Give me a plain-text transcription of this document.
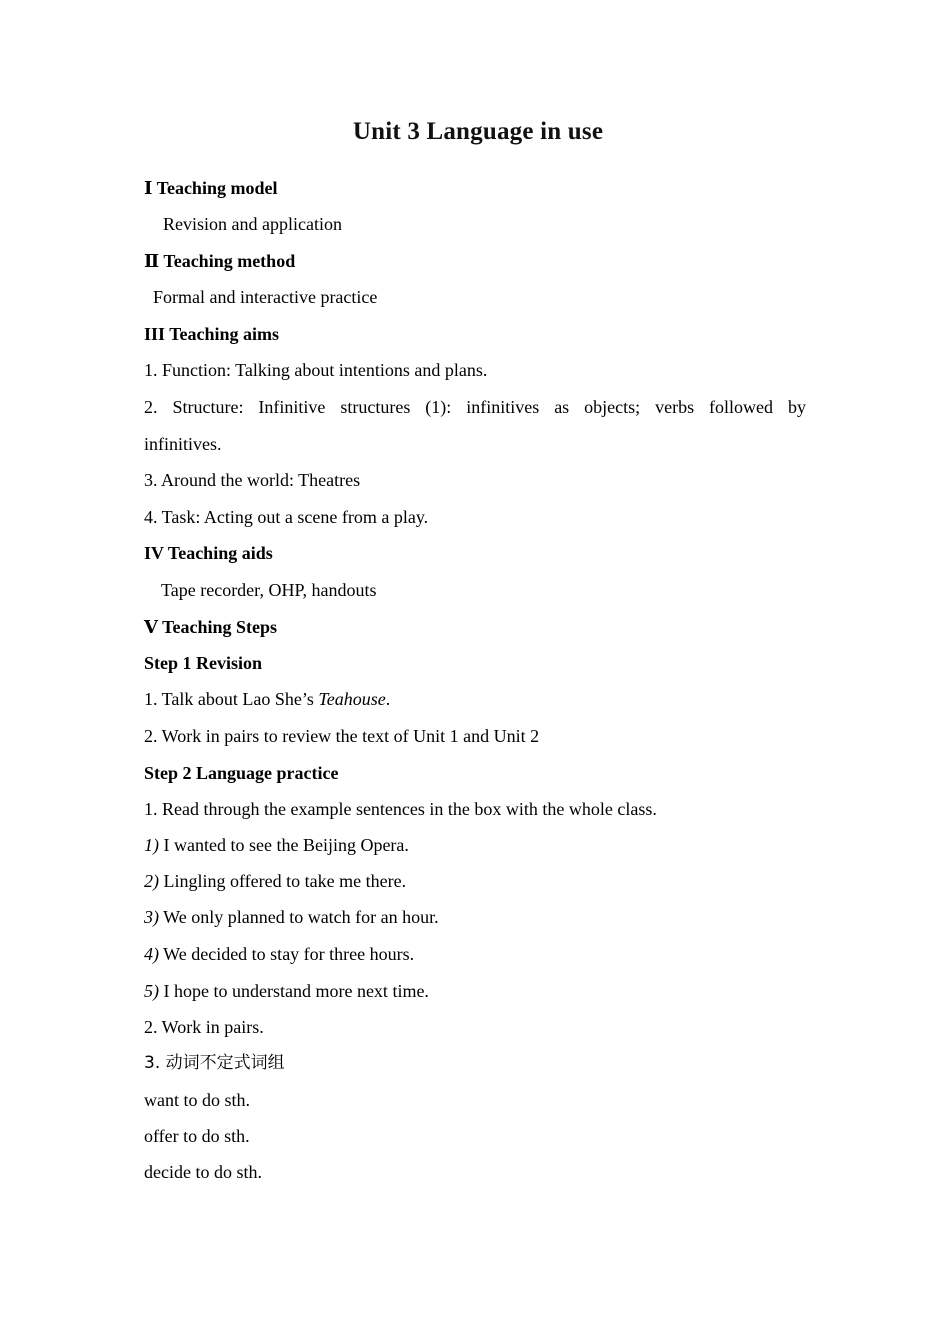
Unit 3 Language in use
Ⅰ Teaching model
Revision and application
Ⅱ Teaching method
Formal and interactive practice
III Teaching aims
1. Function: Talking about intentions and plans.
2. Structure: Infinitive structures (1): infinitives as objects; verbs followed by
infinitives.
3. Around the world: Theatres
4. Task: Acting out a scene from a play.
IV Teaching aids
Tape recorder, OHP, handouts
Ⅴ Teaching Steps
Step 1 Revision
1. Talk about Lao She’s Teahouse.
2. Work in pairs to review the text of Unit 1 and Unit 2
Step 2 Language practice
1. Read through the example sentences in the box with the whole class.
1) I wanted to see the Beijing Opera.
2) Lingling offered to take me there.
3) We only planned to watch for an hour.
4) We decided to stay for three hours.
5) I hope to understand more next time.
2. Work in pairs.
3. 动词不定式词组
want to do sth.
offer to do sth.
decide to do sth.
